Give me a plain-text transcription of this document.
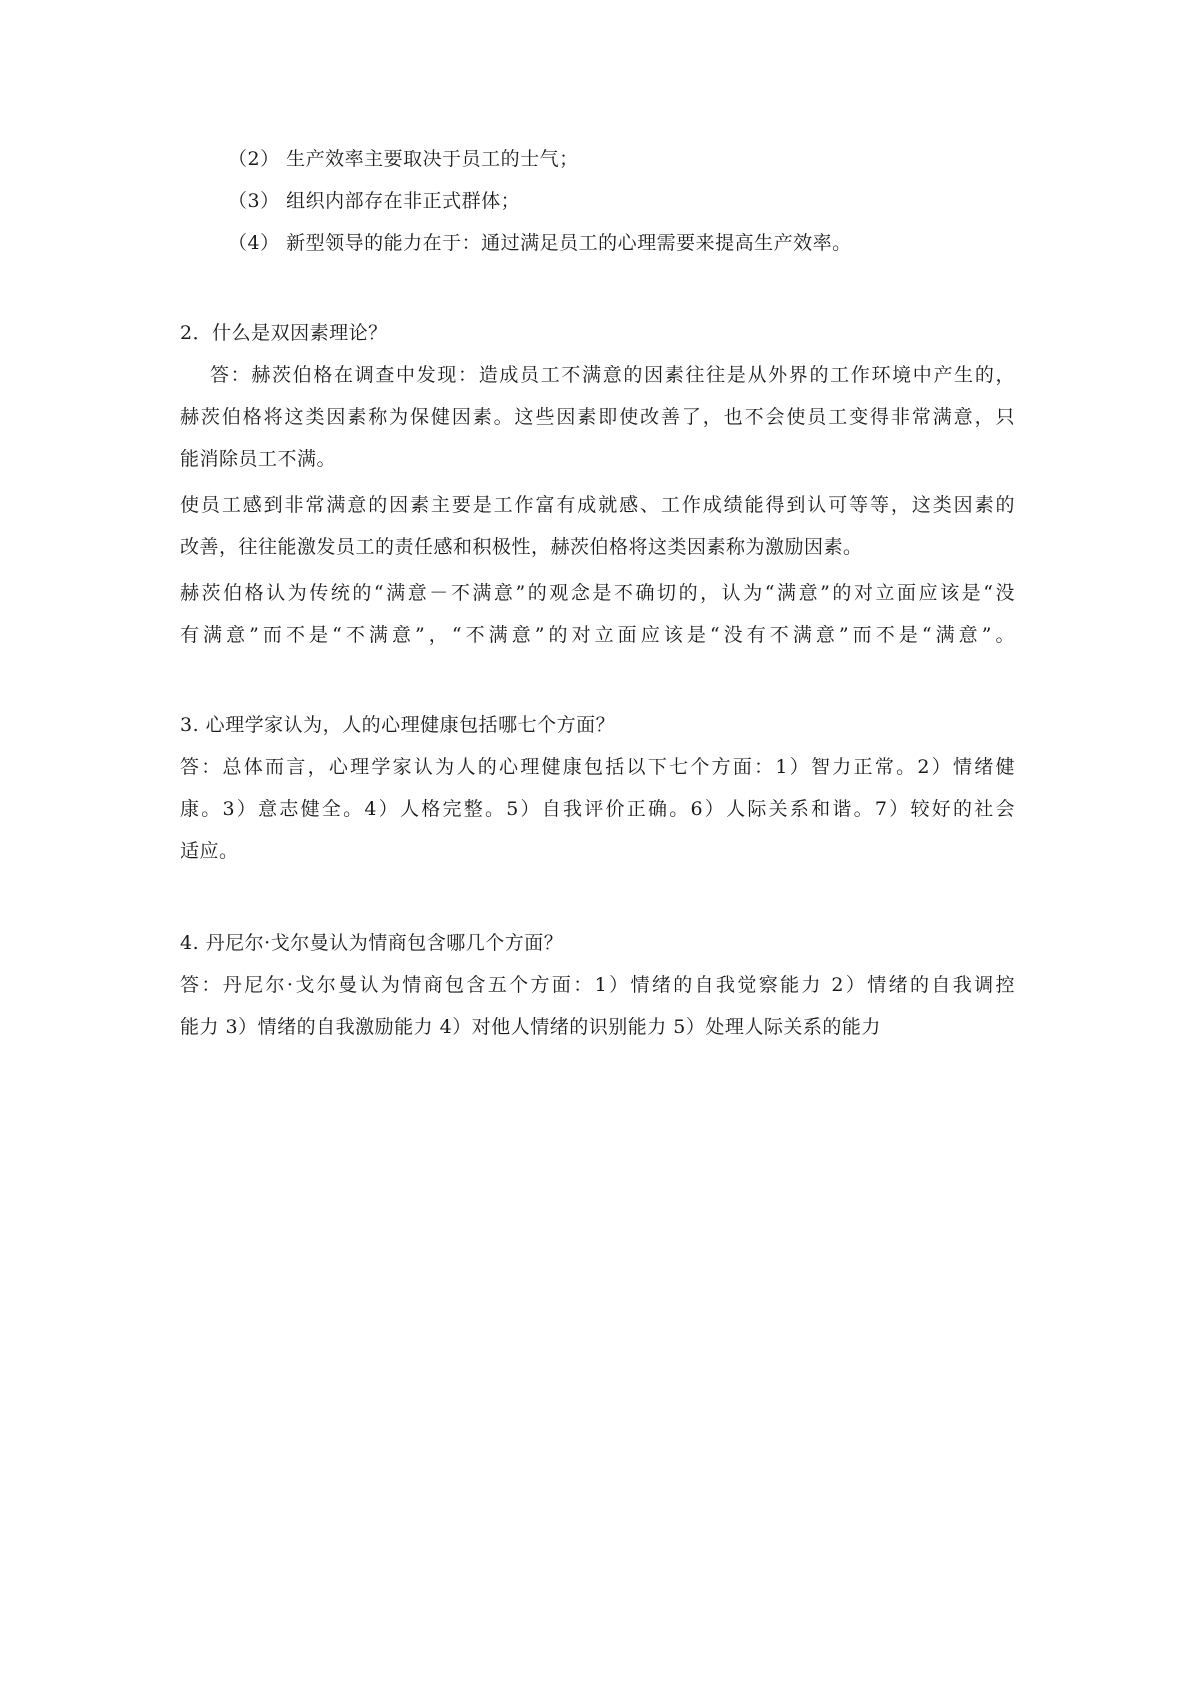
（2） 生产效率主要取决于员工的士气；
（3） 组织内部存在非正式群体；
（4） 新型领导的能力在于：通过满足员工的心理需要来提高生产效率。
2．什么是双因素理论？
答：赫茨伯格在调查中发现：造成员工不满意的因素往往是从外界的工作环境中产生的，
赫茨伯格将这类因素称为保健因素。这些因素即使改善了，也不会使员工变得非常满意，只
能消除员工不满。
使员工感到非常满意的因素主要是工作富有成就感、工作成绩能得到认可等等，这类因素的
改善，往往能激发员工的责任感和积极性，赫茨伯格将这类因素称为激励因素。
赫茨伯格认为传统的“满意－不满意”的观念是不确切的，认为“满意”的对立面应该是“没
有满意”而不是“不满意”，“不满意”的对立面应该是“没有不满意”而不是“满意”。
3. 心理学家认为，人的心理健康包括哪七个方面？
答：总体而言，心理学家认为人的心理健康包括以下七个方面：1）智力正常。2）情绪健
康。3）意志健全。4）人格完整。5）自我评价正确。6）人际关系和谐。7）较好的社会
适应。
4. 丹尼尔·戈尔曼认为情商包含哪几个方面？
答：丹尼尔·戈尔曼认为情商包含五个方面：1）情绪的自我觉察能力 2）情绪的自我调控
能力 3）情绪的自我激励能力 4）对他人情绪的识别能力 5）处理人际关系的能力
